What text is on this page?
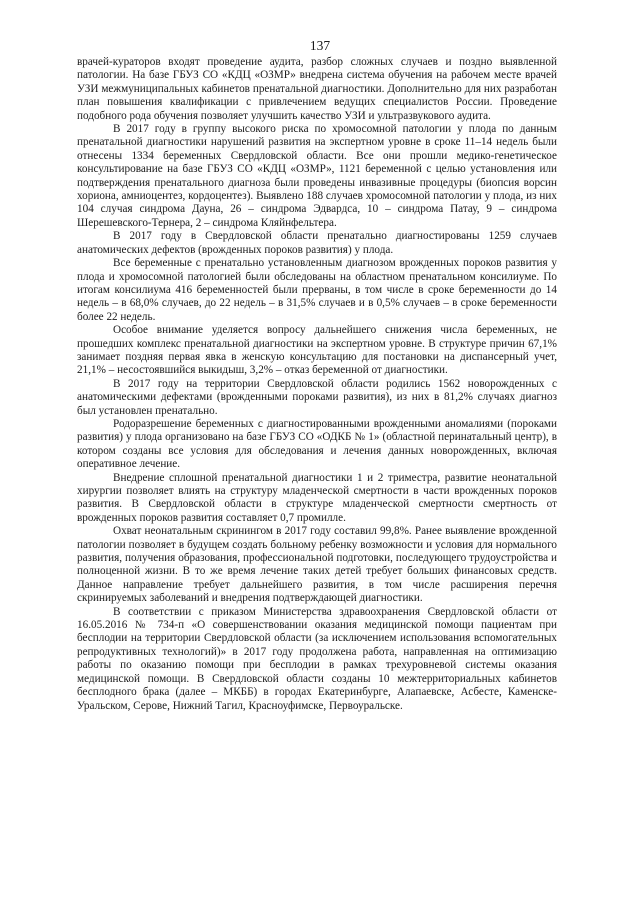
137

врачей-кураторов входят проведение аудита, разбор сложных случаев и поздно выявленной патологии. На базе ГБУЗ СО «КДЦ «ОЗМР» внедрена система обучения на рабочем месте врачей УЗИ межмуниципальных кабинетов пренатальной диагностики. Дополнительно для них разработан план повышения квалификации с привлечением ведущих специалистов России. Проведение подобного рода обучения позволяет улучшить качество УЗИ и ультразвукового аудита.

В 2017 году в группу высокого риска по хромосомной патологии у плода по данным пренатальной диагностики нарушений развития на экспертном уровне в сроке 11–14 недель были отнесены 1334 беременных Свердловской области. Все они прошли медико-генетическое консультирование на базе ГБУЗ СО «КДЦ «ОЗМР», 1121 беременной с целью установления или подтверждения пренатального диагноза были проведены инвазивные процедуры (биопсия ворсин хориона, амниоцентез, кордоцентез). Выявлено 188 случаев хромосомной патологии у плода, из них 104 случая синдрома Дауна, 26 – синдрома Эдвардса, 10 – синдрома Патау, 9 – синдрома Шерешевского-Тернера, 2 – синдрома Кляйнфельтера.

В 2017 году в Свердловской области пренатально диагностированы 1259 случаев анатомических дефектов (врожденных пороков развития) у плода.

Все беременные с пренатально установленным диагнозом врожденных пороков развития у плода и хромосомной патологией были обследованы на областном пренатальном консилиуме. По итогам консилиума 416 беременностей были прерваны, в том числе в сроке беременности до 14 недель – в 68,0% случаев, до 22 недель – в 31,5% случаев и в 0,5% случаев – в сроке беременности более 22 недель.

Особое внимание уделяется вопросу дальнейшего снижения числа беременных, не прошедших комплекс пренатальной диагностики на экспертном уровне. В структуре причин 67,1% занимает поздняя первая явка в женскую консультацию для постановки на диспансерный учет, 21,1% – несостоявшийся выкидыш, 3,2% – отказ беременной от диагностики.

В 2017 году на территории Свердловской области родились 1562 новорожденных с анатомическими дефектами (врожденными пороками развития), из них в 81,2% случаях диагноз был установлен пренатально.

Родоразрешение беременных с диагностированными врожденными аномалиями (пороками развития) у плода организовано на базе ГБУЗ СО «ОДКБ № 1» (областной перинатальный центр), в котором созданы все условия для обследования и лечения данных новорожденных, включая оперативное лечение.

Внедрение сплошной пренатальной диагностики 1 и 2 триместра, развитие неонатальной хирургии позволяет влиять на структуру младенческой смертности в части врожденных пороков развития. В Свердловской области в структуре младенческой смертности смертность от врожденных пороков развития составляет 0,7 промилле.

Охват неонатальным скринингом в 2017 году составил 99,8%. Ранее выявление врожденной патологии позволяет в будущем создать больному ребенку возможности и условия для нормального развития, получения образования, профессиональной подготовки, последующего трудоустройства и полноценной жизни. В то же время лечение таких детей требует больших финансовых средств. Данное направление требует дальнейшего развития, в том числе расширения перечня скринируемых заболеваний и внедрения подтверждающей диагностики.

В соответствии с приказом Министерства здравоохранения Свердловской области от 16.05.2016 № 734-п «О совершенствовании оказания медицинской помощи пациентам при бесплодии на территории Свердловской области (за исключением использования вспомогательных репродуктивных технологий)» в 2017 году продолжена работа, направленная на оптимизацию работы по оказанию помощи при бесплодии в рамках трехуровневой системы оказания медицинской помощи. В Свердловской области созданы 10 межтерриториальных кабинетов бесплодного брака (далее – МКББ) в городах Екатеринбурге, Алапаевске, Асбесте, Каменске-Уральском, Серове, Нижний Тагил, Красноуфимске, Первоуральске.
